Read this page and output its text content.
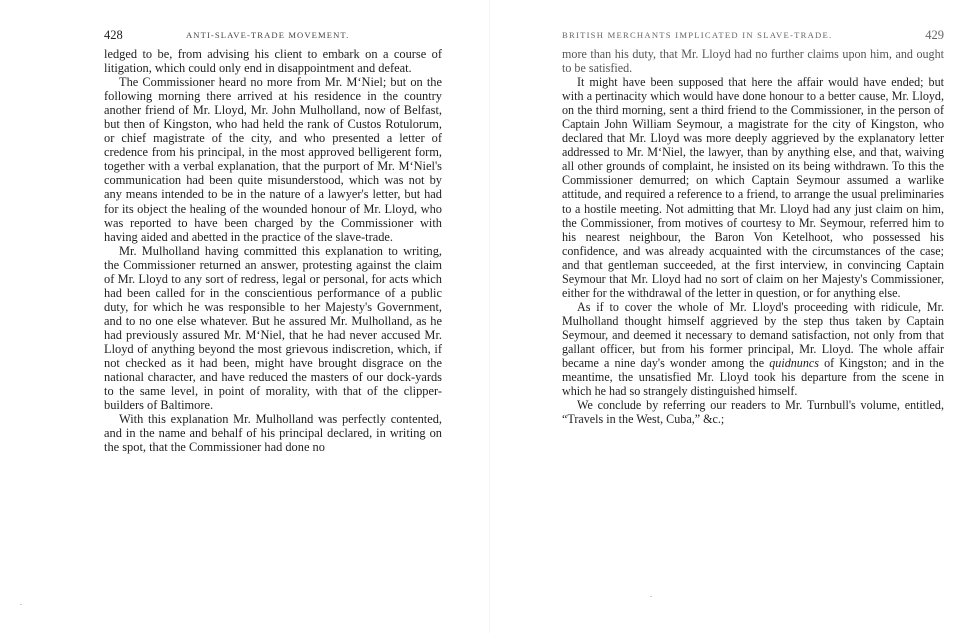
428	ANTI-SLAVE-TRADE MOVEMENT.

ledged to be, from advising his client to embark on a course of litigation, which could only end in disappointment and defeat.

The Commissioner heard no more from Mr. M‘Niel; but on the following morning there arrived at his residence in the country another friend of Mr. Lloyd, Mr. John Mulholland, now of Belfast, but then of Kingston, who had held the rank of Custos Rotulorum, or chief magistrate of the city, and who presented a letter of credence from his principal, in the most approved belligerent form, together with a verbal explanation, that the purport of Mr. M‘Niel's communication had been quite misunderstood, which was not by any means intended to be in the nature of a lawyer's letter, but had for its object the healing of the wounded honour of Mr. Lloyd, who was reported to have been charged by the Commissioner with having aided and abetted in the practice of the slave-trade.

Mr. Mulholland having committed this explanation to writing, the Commissioner returned an answer, protesting against the claim of Mr. Lloyd to any sort of redress, legal or personal, for acts which had been called for in the conscientious performance of a public duty, for which he was responsible to her Majesty's Government, and to no one else whatever. But he assured Mr. Mulholland, as he had previously assured Mr. M‘Niel, that he had never accused Mr. Lloyd of anything beyond the most grievous indiscretion, which, if not checked as it had been, might have brought disgrace on the national character, and have reduced the masters of our dock-yards to the same level, in point of morality, with that of the clipper-builders of Baltimore.

With this explanation Mr. Mulholland was perfectly contented, and in the name and behalf of his principal declared, in writing on the spot, that the Commissioner had done no

BRITISH MERCHANTS IMPLICATED IN SLAVE-TRADE.	429

more than his duty, that Mr. Lloyd had no further claims upon him, and ought to be satisfied.

It might have been supposed that here the affair would have ended; but with a pertinacity which would have done honour to a better cause, Mr. Lloyd, on the third morning, sent a third friend to the Commissioner, in the person of Captain John William Seymour, a magistrate for the city of Kingston, who declared that Mr. Lloyd was more deeply aggrieved by the explanatory letter addressed to Mr. M‘Niel, the lawyer, than by anything else, and that, waiving all other grounds of complaint, he insisted on its being withdrawn. To this the Commissioner demurred; on which Captain Seymour assumed a warlike attitude, and required a reference to a friend, to arrange the usual preliminaries to a hostile meeting. Not admitting that Mr. Lloyd had any just claim on him, the Commissioner, from motives of courtesy to Mr. Seymour, referred him to his nearest neighbour, the Baron Von Ketelhoot, who possessed his confidence, and was already acquainted with the circumstances of the case; and that gentleman succeeded, at the first interview, in convincing Captain Seymour that Mr. Lloyd had no sort of claim on her Majesty's Commissioner, either for the withdrawal of the letter in question, or for anything else.

As if to cover the whole of Mr. Lloyd's proceeding with ridicule, Mr. Mulholland thought himself aggrieved by the step thus taken by Captain Seymour, and deemed it necessary to demand satisfaction, not only from that gallant officer, but from his former principal, Mr. Lloyd. The whole affair became a nine day's wonder among the quidnuncs of Kingston; and in the meantime, the unsatisfied Mr. Lloyd took his departure from the scene in which he had so strangely distinguished himself.

We conclude by referring our readers to Mr. Turnbull's volume, entitled, “Travels in the West, Cuba,” &c.;
